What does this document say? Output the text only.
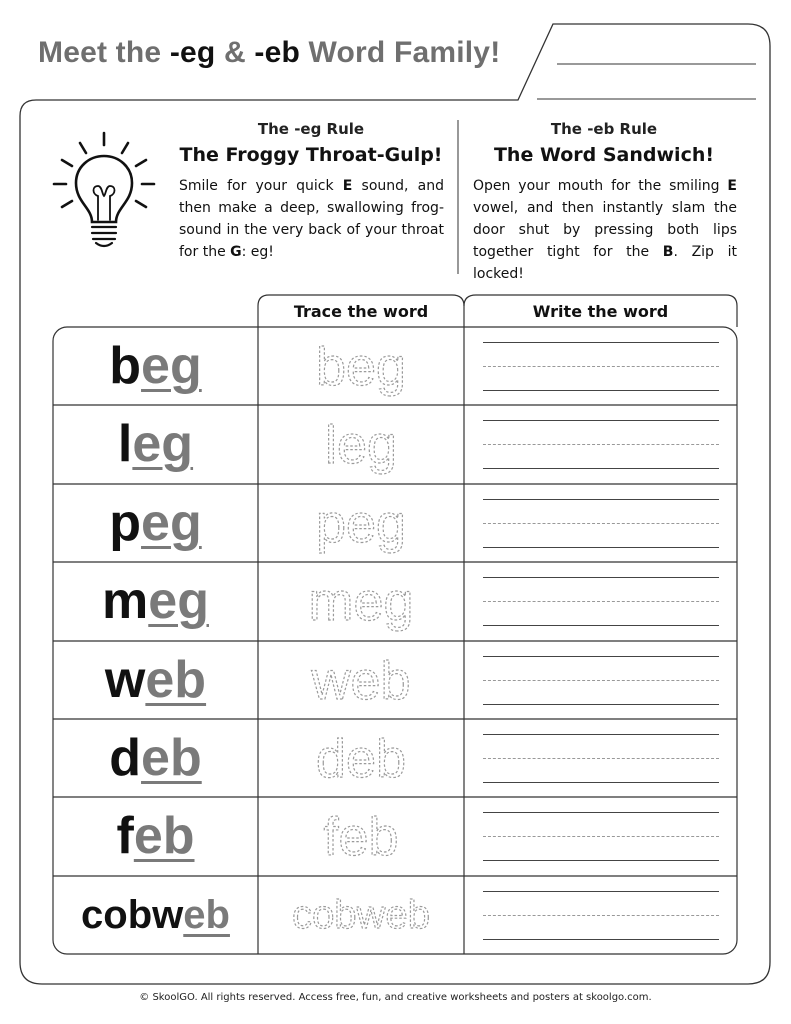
Meet the -eg & -eb Word Family!
The -eg Rule
The Froggy Throat-Gulp!
Smile for your quick E sound, and then make a deep, swallowing frog-sound in the very back of your throat for the G: eg!
The -eb Rule
The Word Sandwich!
Open your mouth for the smiling E vowel, and then instantly slam the door shut by pressing both lips together tight for the B. Zip it locked!
Trace the word	Write the word
b eg beg
l eg leg
p eg peg
m eg meg
w eb web
d eb deb
f eb feb
cobw eb cobweb
© SkoolGO. All rights reserved. Access free, fun, and creative worksheets and posters at skoolgo.com.
